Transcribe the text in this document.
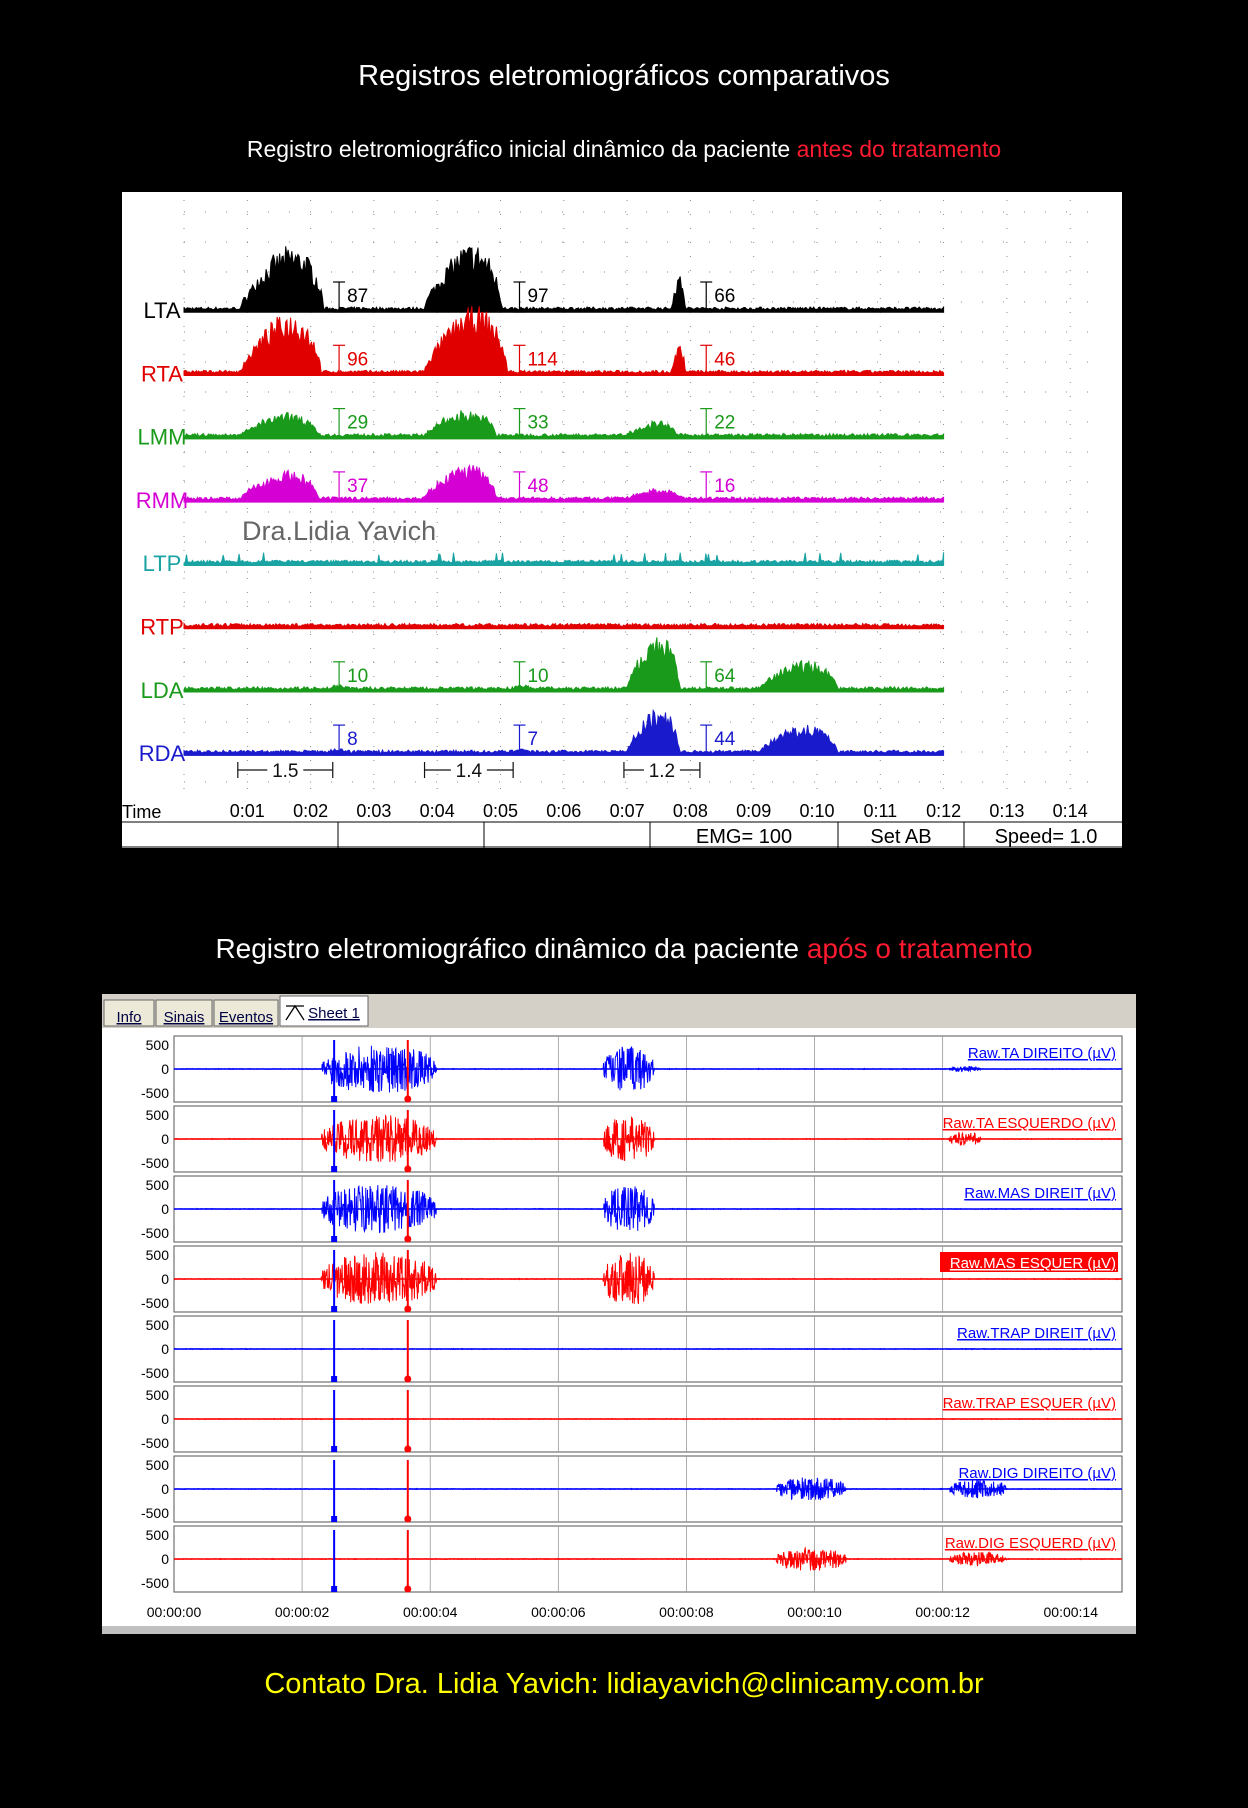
Registros eletromiográficos comparativos
Registro eletromiográfico inicial dinâmico da paciente antes do tratamento
Dra.Lidia Yavich
LTA
87	97	66
RTA
96	114	46
LMM
29	33	22
RMM
37	48	16
LTP
RTP
LDA
10	10	64
RDA
8	7	44
1.5	1.4	1.2
Time	0:01 0:02 0:03 0:04 0:05 0:06 0:07 0:08 0:09 0:10 0:11 0:12 0:13 0:14
EMG= 100	Set AB	Speed= 1.0
Registro eletromiográfico dinâmico da paciente após o tratamento
Info Sinais Eventos Sheet 1
500
0
-500
Raw.TA DIREITO (µV)
500
0
-500
Raw.TA ESQUERDO (µV)
500
0
-500
Raw.MAS DIREIT (µV)
500
0
-500
Raw.MAS ESQUER (µV)
500
0
-500
Raw.TRAP DIREIT (µV)
500
0
-500
Raw.TRAP ESQUER (µV)
500
0
-500
Raw.DIG DIREITO (µV)
500
0
-500
Raw.DIG ESQUERD (µV)
00:00:00	00:00:02	00:00:04	00:00:06	00:00:08	00:00:10	00:00:12	00:00:14
Contato Dra. Lidia Yavich: lidiayavich@clinicamy.com.br
